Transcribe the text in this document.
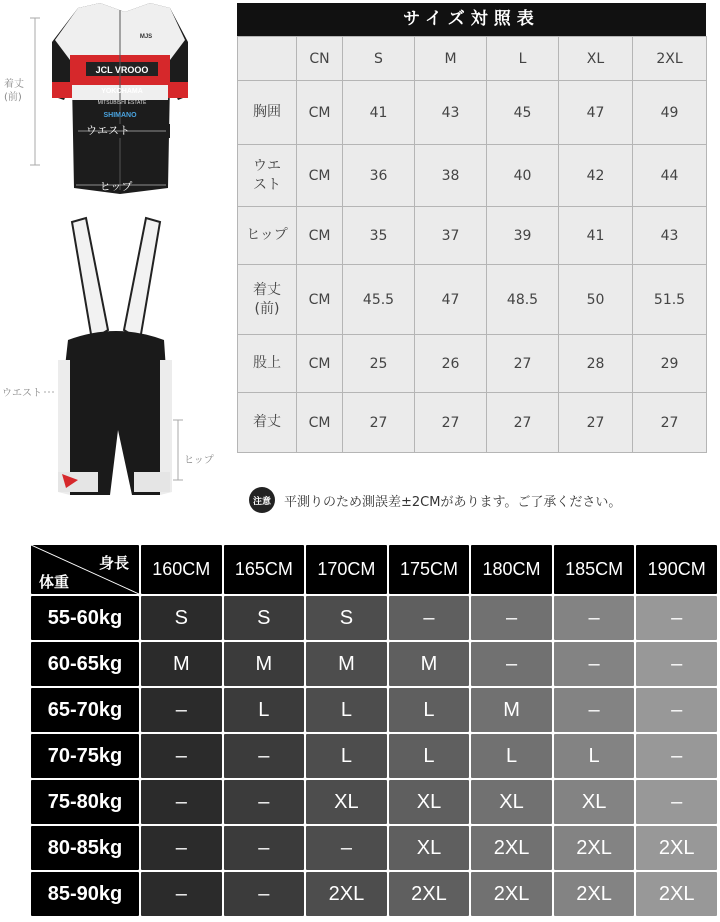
JCL VROOO
YOKOHAMA
MITSUBISHI ESTATE
SHIMANO
MJS
ウエスト
ヒップ
着丈
(前)
ウエスト
ヒップ
サイズ対照表
	CN	S	M	L	XL	2XL
胸囲	CM	41	43	45	47	49

ウエスト	CM	36	38	40	42	44
ヒップ	CM	35	37	39	41	43

着丈(前)	CM	45.5	47	48.5	50	51.5
股上	CM	25	26	27	28	29
着丈	CM	27	27	27	27	27
注意	平測りのため測誤差±2CMがあります。ご了承ください。
身長
体重	160CM	165CM	170CM	175CM	180CM	185CM	190CM
55-60kg	S	S	S	–	–	–	–
60-65kg	M	M	M	M	–	–	–
65-70kg	–	L	L	L	M	–	–
70-75kg	–	–	L	L	L	L	–
75-80kg	–	–	XL	XL	XL	XL	–
80-85kg	–	–	–	XL	2XL	2XL	2XL
85-90kg	–	–	2XL	2XL	2XL	2XL	2XL
